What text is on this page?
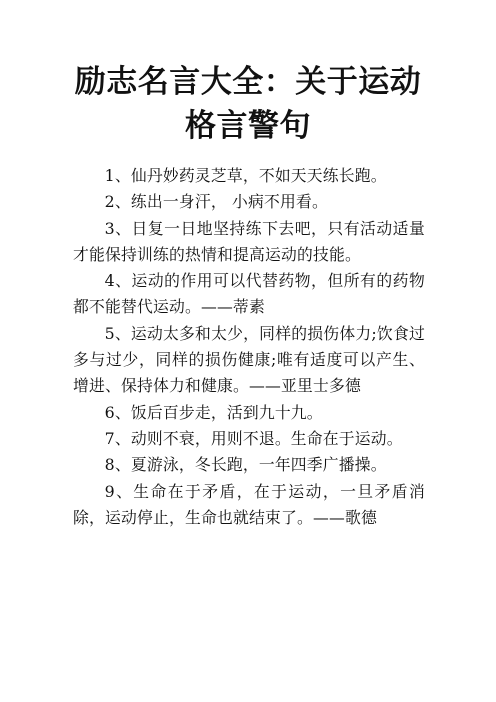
励志名言大全：关于运动格言警句

1、仙丹妙药灵芝草，不如天天练长跑。

2、练出一身汗， 小病不用看。

3、日复一日地坚持练下去吧，只有活动适量才能保持训练的热情和提高运动的技能。

4、运动的作用可以代替药物，但所有的药物都不能替代运动。——蒂素

5、运动太多和太少，同样的损伤体力;饮食过多与过少，同样的损伤健康;唯有适度可以产生、增进、保持体力和健康。——亚里士多德

6、饭后百步走，活到九十九。

7、动则不衰，用则不退。生命在于运动。

8、夏游泳，冬长跑，一年四季广播操。

9、生命在于矛盾，在于运动，一旦矛盾消除，运动停止，生命也就结束了。——歌德
